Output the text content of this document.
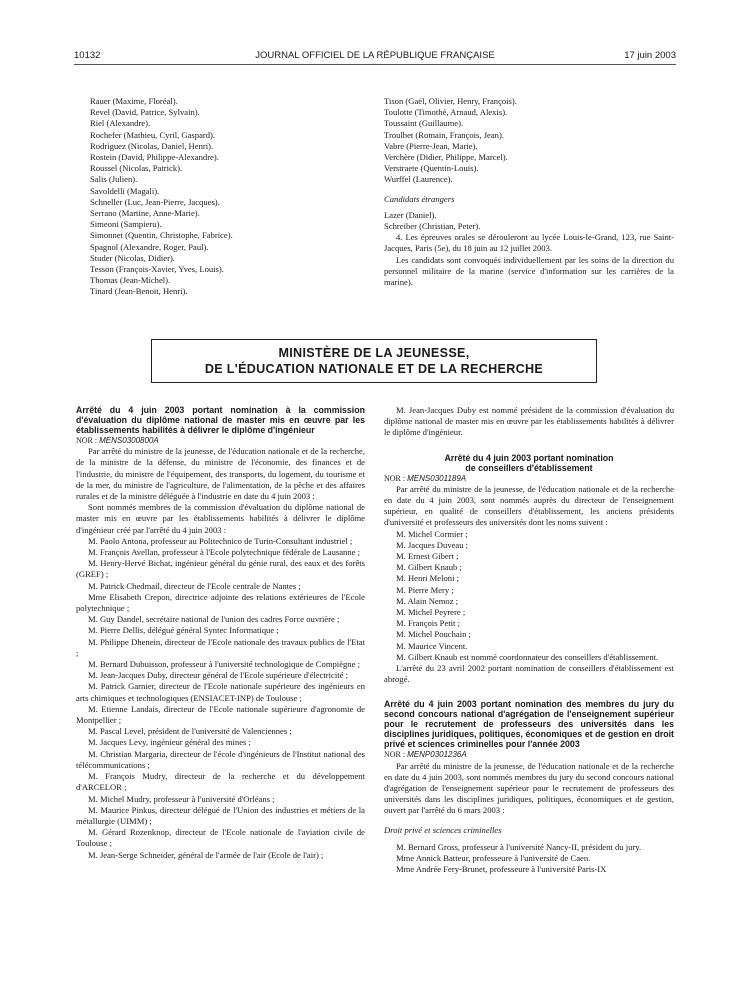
10132	JOURNAL OFFICIEL DE LA RÉPUBLIQUE FRANÇAISE	17 juin 2003
Rauer (Maxime, Floréal).
Revel (David, Patrice, Sylvain).
Riel (Alexandre).
Rochefer (Mathieu, Cyril, Gaspard).
Rodriguez (Nicolas, Daniel, Henri).
Rostein (David, Philippe-Alexandre).
Roussel (Nicolas, Patrick).
Salis (Julien).
Savoldelli (Magali).
Schneller (Luc, Jean-Pierre, Jacques).
Serrano (Martine, Anne-Marie).
Simeoni (Sampieru).
Simonnet (Quentin, Christophe, Fabrice).
Spagnol (Alexandre, Roger, Paul).
Studer (Nicolas, Didier).
Tesson (François-Xavier, Yves, Louis).
Thomas (Jean-Michel).
Tinard (Jean-Benoit, Henri).
Tison (Gaël, Olivier, Henry, François).
Toulotte (Timothé, Arnaud, Alexis).
Toussaint (Guillaume).
Troulbet (Romain, François, Jean).
Vabre (Pierre-Jean, Marie).
Verchère (Didier, Philippe, Marcel).
Verstraete (Quentin-Louis).
Wurffel (Laurence).

Candidats étrangers

Lazer (Daniel).
Schreiber (Christian, Peter).

4. Les épreuves orales se dérouleront au lycée Louis-le-Grand, 123, rue Saint-Jacques, Paris (5e), du 18 juin au 12 juillet 2003.

Les candidats sont convoqués individuellement par les soins de la direction du personnel militaire de la marine (service d'information sur les carrières de la marine).

MINISTÈRE DE LA JEUNESSE,
DE L'ÉDUCATION NATIONALE ET DE LA RECHERCHE

Arrêté du 4 juin 2003 portant nomination à la commission d'évaluation du diplôme national de master mis en œuvre par les établissements habilités à délivrer le diplôme d'ingénieur

NOR : MENS0300800A

Par arrêté du ministre de la jeunesse, de l'éducation nationale et de la recherche, de la ministre de la défense, du ministre de l'économie, des finances et de l'industrie, du ministre de l'équipement, des transports, du logement, du tourisme et de la mer, du ministre de l'agriculture, de l'alimentation, de la pêche et des affaires rurales et de la ministre déléguée à l'industrie en date du 4 juin 2003 :

Sont nommés membres de la commission d'évaluation du diplôme national de master mis en œuvre par les établissements habilités à délivrer le diplôme d'ingénieur créé par l'arrêté du 4 juin 2003 :

M. Paolo Antona, professeur au Politechnico de Turin-Consultant industriel ;

M. François Avellan, professeur à l'Ecole polytechnique fédérale de Lausanne ;

M. Henry-Hervé Bichat, ingénieur général du génie rural, des eaux et des forêts (GREF) ;

M. Patrick Chedmail, directeur de l'Ecole centrale de Nantes ;

Mme Elisabeth Crepon, directrice adjointe des relations extérieures de l'Ecole polytechnique ;

M. Guy Dandel, secrétaire national de l'union des cadres Force ouvrière ;

M. Pierre Dellis, délégué général Syntec Informatique ;

M. Philippe Dhenein, directeur de l'Ecole nationale des travaux publics de l'Etat ;

M. Bernard Dubuisson, professeur à l'université technologique de Compiègne ;

M. Jean-Jacques Duby, directeur général de l'Ecole supérieure d'électricité ;

M. Patrick Garnier, directeur de l'Ecole nationale supérieure des ingénieurs en arts chimiques et technologiques (ENSIACET-INP) de Toulouse ;

M. Etienne Landais, directeur de l'Ecole nationale supérieure d'agronomie de Montpellier ;

M. Pascal Level, président de l'université de Valenciennes ;

M. Jacques Levy, ingénieur général des mines ;

M. Christian Margaria, directeur de l'école d'ingénieurs de l'Institut national des télécommunications ;

M. François Mudry, directeur de la recherche et du développement d'ARCELOR ;

M. Michel Mudry, professeur à l'université d'Orléans ;

M. Maurice Pinkus, directeur délégué de l'Union des industries et métiers de la métallurgie (UIMM) ;

M. Gérard Rozenknop, directeur de l'Ecole nationale de l'aviation civile de Toulouse ;

M. Jean-Serge Schneider, général de l'armée de l'air (Ecole de l'air) ;

M. Jean-Jacques Duby est nommé président de la commission d'évaluation du diplôme national de master mis en œuvre par les établissements habilités à délivrer le diplôme d'ingénieur.

Arrêté du 4 juin 2003 portant nomination
de conseillers d'établissement

NOR : MENS0301189A

Par arrêté du ministre de la jeunesse, de l'éducation nationale et de la recherche en date du 4 juin 2003, sont nommés auprès du directeur de l'enseignement supérieur, en qualité de conseillers d'établissement, les anciens présidents d'université et professeurs des universités dont les noms suivent :

M. Michel Cormier ;

M. Jacques Duveau ;

M. Ernest Gibert ;

M. Gilbert Knaub ;

M. Henri Meloni ;

M. Pierre Mery ;

M. Alain Nemoz ;

M. Michel Peyrere ;

M. François Petit ;

M. Michel Pouchain ;

M. Maurice Vincent.

M. Gilbert Knaub est nommé coordonnateur des conseillers d'établissement.

L'arrêté du 23 avril 2002 portant nomination de conseillers d'établissement est abrogé.

Arrêté du 4 juin 2003 portant nomination des membres du jury du second concours national d'agrégation de l'enseignement supérieur pour le recrutement de professeurs des universités dans les disciplines juridiques, politiques, économiques et de gestion en droit privé et sciences criminelles pour l'année 2003

NOR : MENP0301236A

Par arrêté du ministre de la jeunesse, de l'éducation nationale et de la recherche en date du 4 juin 2003, sont nommés membres du jury du second concours national d'agrégation de l'enseignement supérieur pour le recrutement de professeurs des universités dans les disciplines juridiques, politiques, économiques et de gestion, ouvert par l'arrêté du 6 mars 2003 :

Droit privé et sciences criminelles

M. Bernard Gross, professeur à l'université Nancy-II, président du jury.

Mme Annick Batteur, professeure à l'université de Caen.

Mme Andrée Fery-Brunet, professeure à l'université Paris-IX
